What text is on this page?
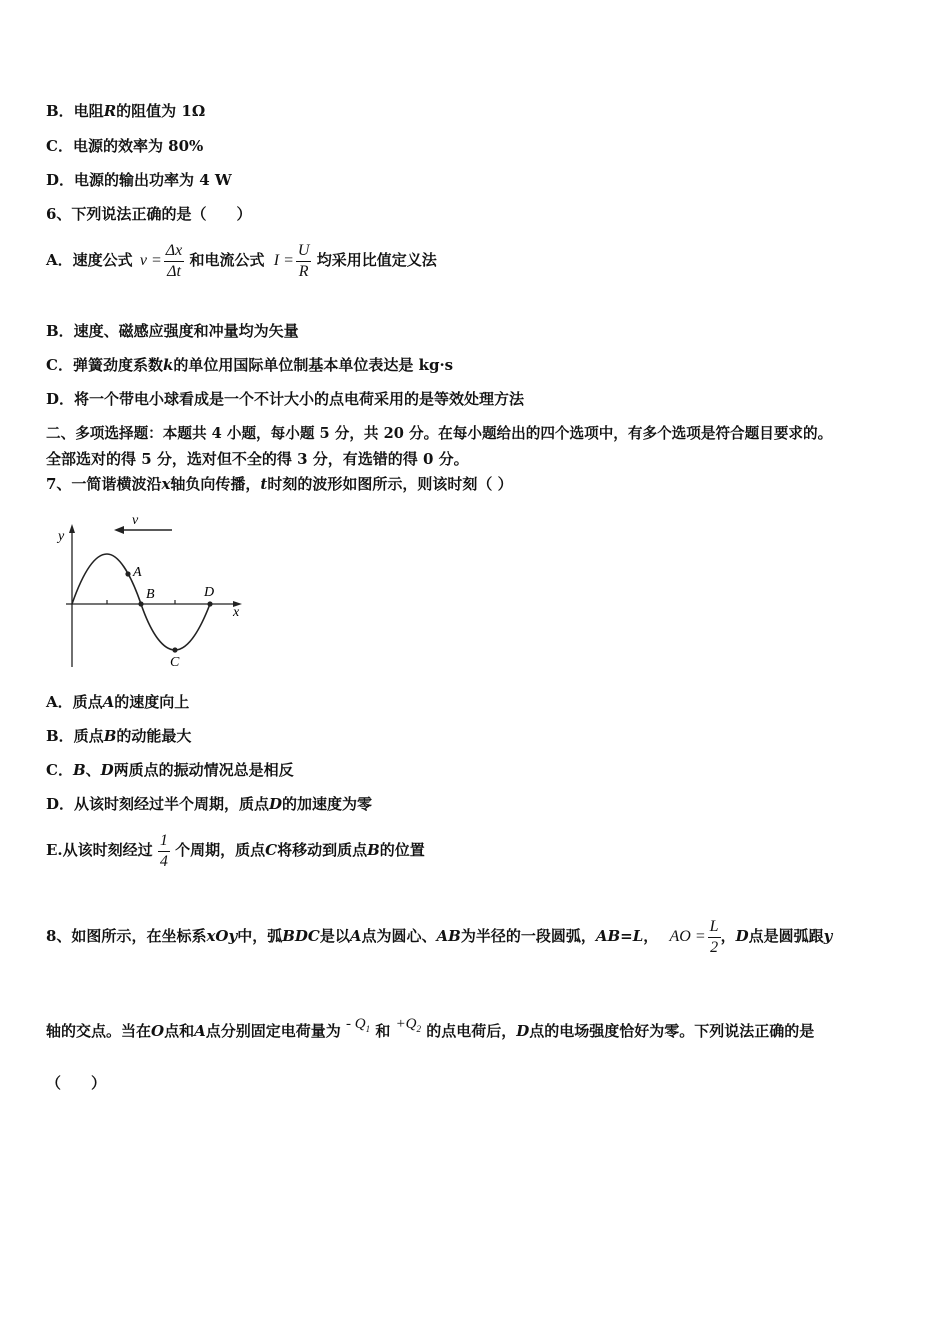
B．电阻R的阻值为 1Ω
C．电源的效率为 80%
D．电源的输出功率为 4 W
6、下列说法正确的是（　　）
A．速度公式 $v = \frac{\Delta x}{\Delta t}$ 和电流公式 $I = \frac{U}{R}$ 均采用比值定义法
B．速度、磁感应强度和冲量均为矢量
C．弹簧劲度系数k的单位用国际单位制基本单位表达是 kg·s
D．将一个带电小球看成是一个不计大小的点电荷采用的是等效处理方法
二、多项选择题：本题共 4 小题，每小题 5 分，共 20 分。在每小题给出的四个选项中，有多个选项是符合题目要求的。
全部选对的得 5 分，选对但不全的得 3 分，有选错的得 0 分。
7、一简谐横波沿x轴负向传播，t时刻的波形如图所示，则该时刻（ ）
v
y
x
A
B
C
D
A．质点A的速度向上
B．质点B的动能最大
C．B、D两质点的振动情况总是相反
D．从该时刻经过半个周期，质点D的加速度为零
E.从该时刻经过 $\frac{1}{4}$ 个周期，质点C将移动到质点B的位置
8、如图所示，在坐标系xOy中，弧BDC是以A点为圆心、AB为半径的一段圆弧，AB=L， AO = $\frac{L}{2}$ ，D点是圆弧跟y
轴的交点。当在O点和A点分别固定电荷量为 - $Q_1$ 和 $+Q_2$ 的点电荷后，D点的电场强度恰好为零。下列说法正确的是
（　　）
